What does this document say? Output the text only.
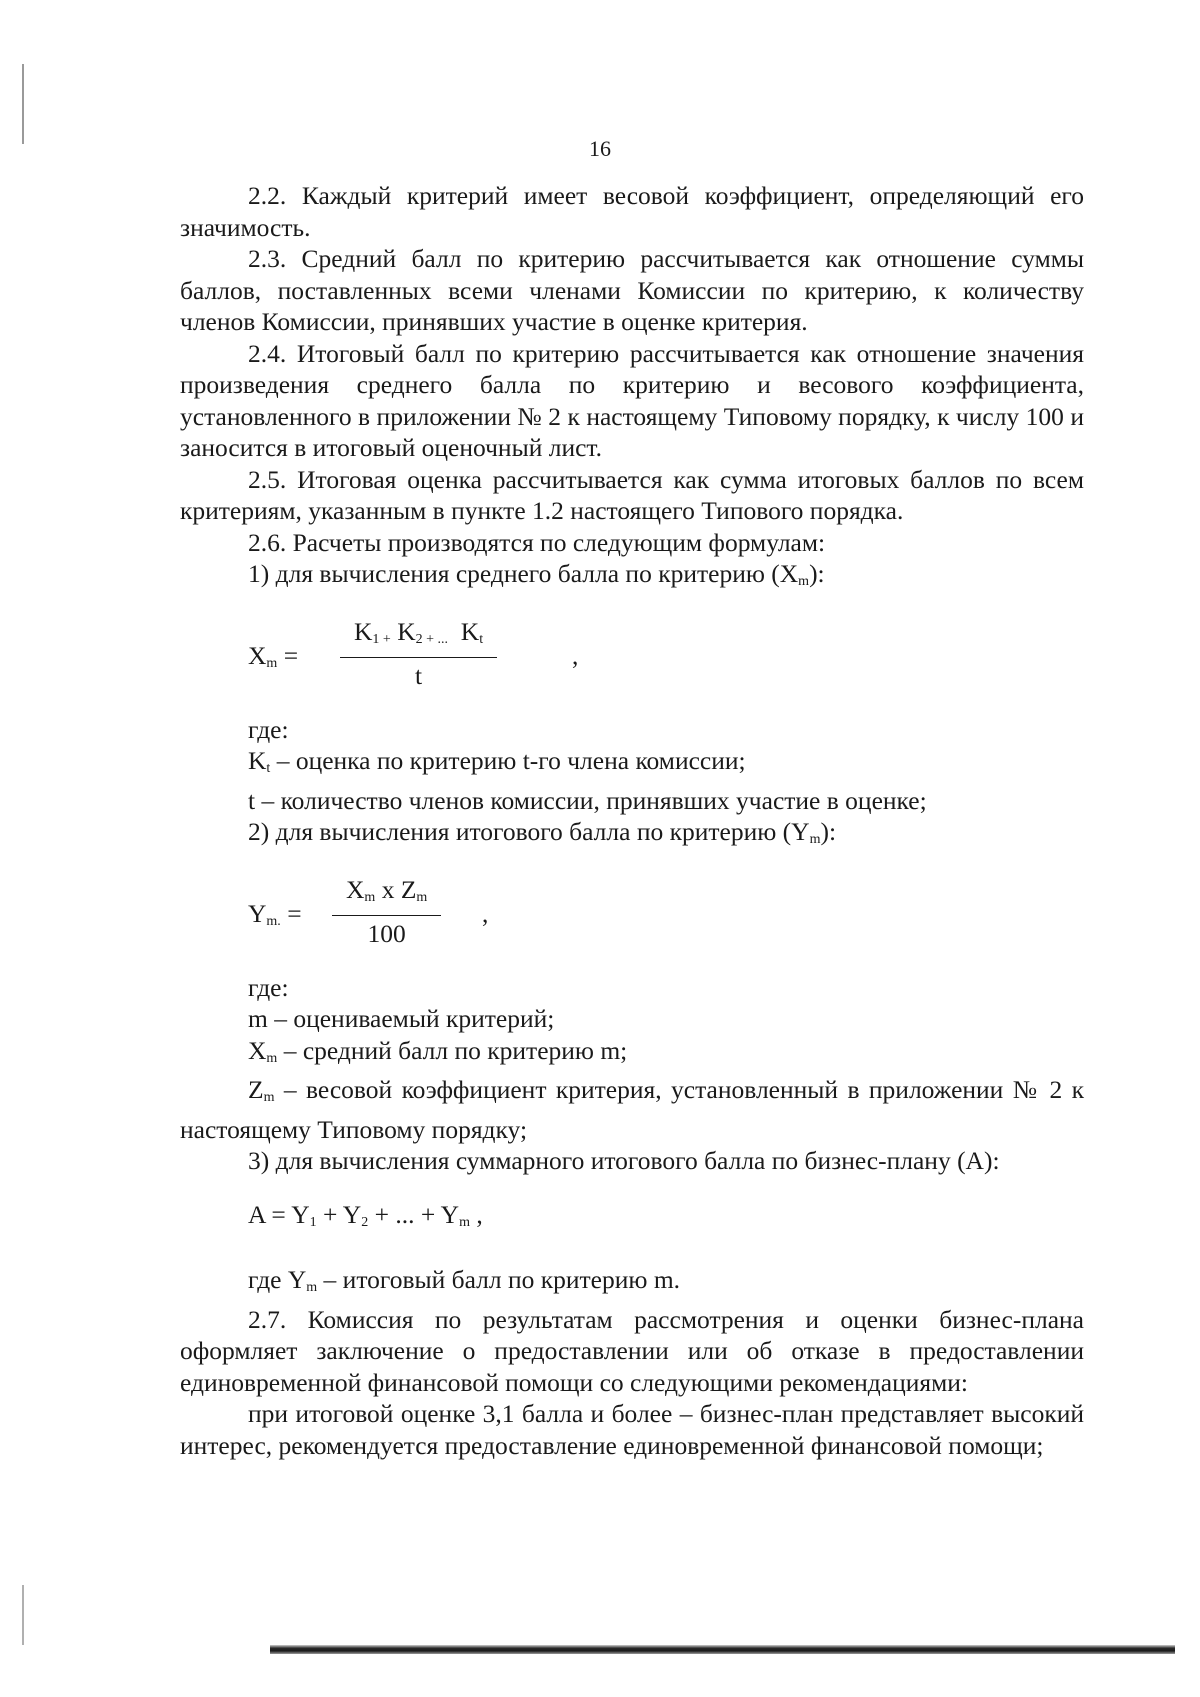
16

2.2. Каждый критерий имеет весовой коэффициент, определяющий его значимость.

2.3. Средний балл по критерию рассчитывается как отношение суммы баллов, поставленных всеми членами Комиссии по критерию, к количеству членов Комиссии, принявших участие в оценке критерия.

2.4. Итоговый балл по критерию рассчитывается как отношение значения произведения среднего балла по критерию и весового коэффициента, установленного в приложении № 2 к настоящему Типовому порядку, к числу 100 и заносится в итоговый оценочный лист.

2.5. Итоговая оценка рассчитывается как сумма итоговых баллов по всем критериям, указанным в пункте 1.2 настоящего Типового порядка.

2.6. Расчеты производятся по следующим формулам:

1) для вычисления среднего балла по критерию $(X_m)$:

$X_m = \frac{K_{1 +} K_{2 + ...} K_t}{t}$	,

где:

$K_t$ – оценка по критерию t-го члена комиссии;

t – количество членов комиссии, принявших участие в оценке;

2) для вычисления итогового балла по критерию $(Y_m)$:

$Y_{m.} = \frac{X_m x Z_m}{100}$ ,

где:

m – оцениваемый критерий;

$X_m$ – средний балл по критерию m;

$Z_m$ – весовой коэффициент критерия, установленный в приложении № 2 к настоящему Типовому порядку;

3) для вычисления суммарного итогового балла по бизнес-плану (A):

$A = Y_1 + Y_2$ + ... + $Y_m$ ,

где $Y_m$ – итоговый балл по критерию m.

2.7. Комиссия по результатам рассмотрения и оценки бизнес-плана оформляет заключение о предоставлении или об отказе в предоставлении единовременной финансовой помощи со следующими рекомендациями:

при итоговой оценке 3,1 балла и более – бизнес-план представляет высокий интерес, рекомендуется предоставление единовременной финансовой помощи;
